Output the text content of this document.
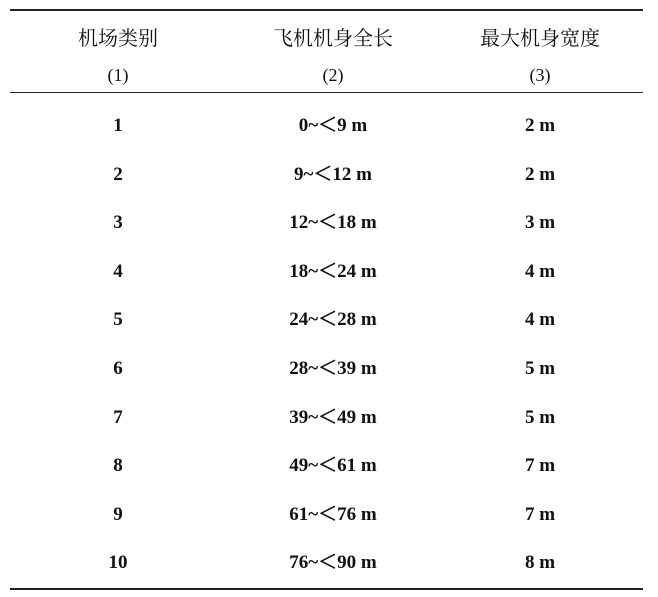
机场类别	飞机机身全长	最大机身宽度
(1)	(2)	(3)
1	0~＜9 m	2 m
2	9~＜12 m	2 m
3	12~＜18 m	3 m
4	18~＜24 m	4 m
5	24~＜28 m	4 m
6	28~＜39 m	5 m
7	39~＜49 m	5 m
8	49~＜61 m	7 m
9	61~＜76 m	7 m
10	76~＜90 m	8 m
